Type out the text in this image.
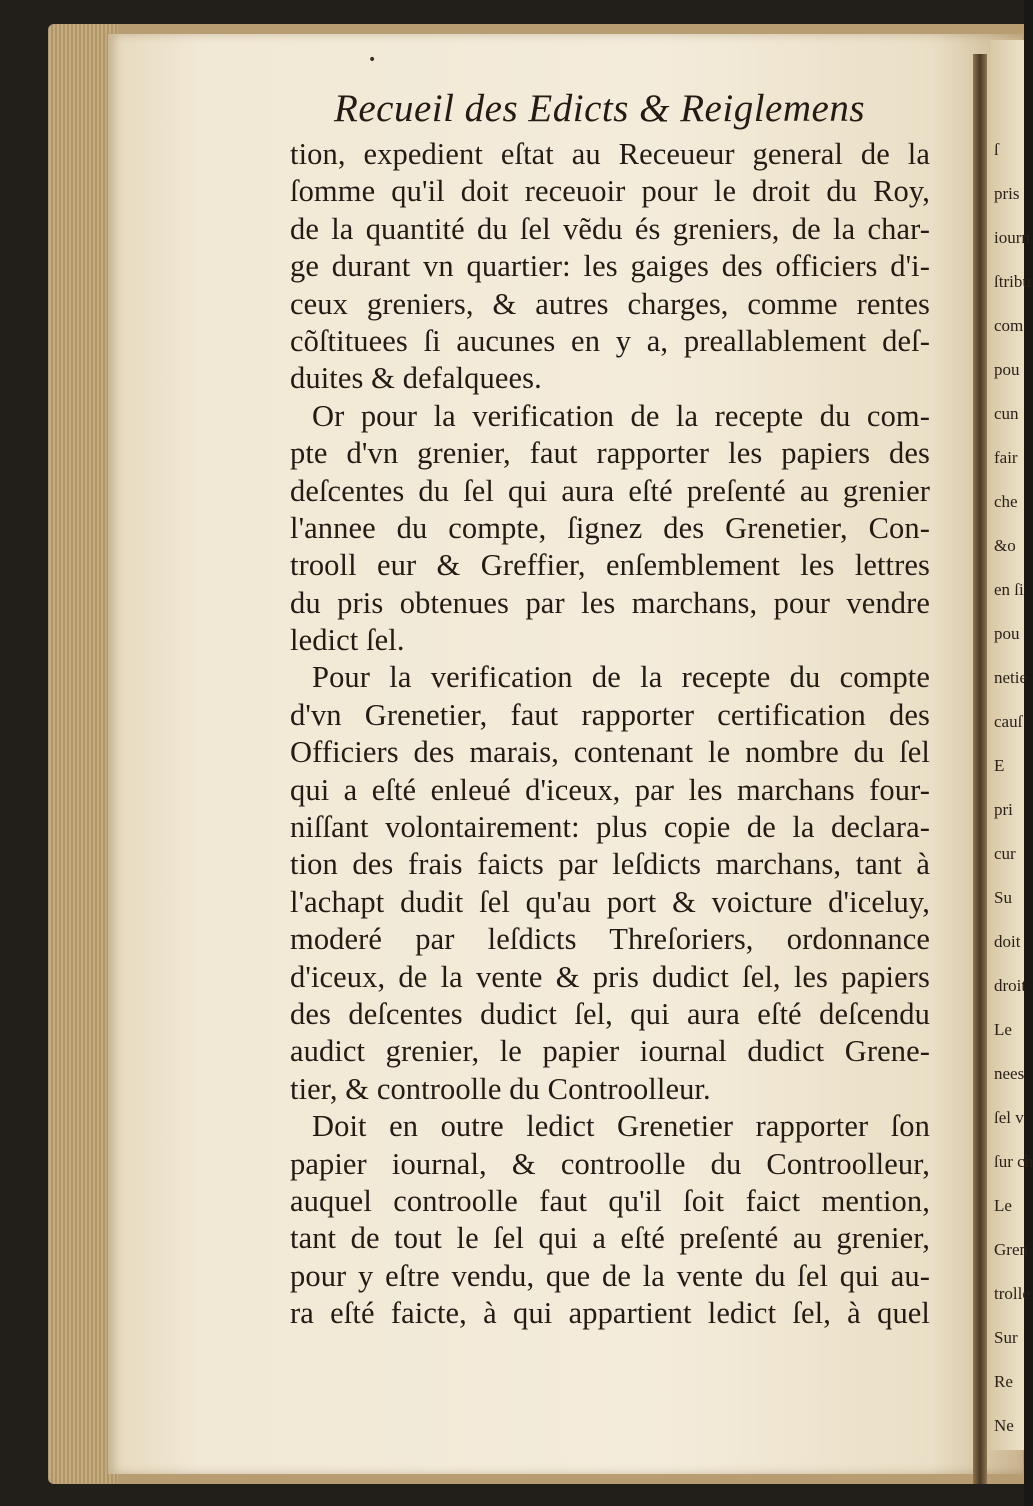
•
Recueil des Edicts & Reiglemens
tion, expedient eſtat au Receueur general de la
ſomme qu'il doit receuoir pour le droit du Roy,
de la quantité du ſel vẽdu és greniers, de la char-
ge durant vn quartier: les gaiges des officiers d'i-
ceux greniers, & autres charges, comme rentes
cõſtituees ſi aucunes en y a, preallablement deſ-
duites & defalquees.
Or pour la verification de la recepte du com-
pte d'vn grenier, faut rapporter les papiers des
deſcentes du ſel qui aura eſté preſenté au grenier
l'annee du compte, ſignez des Grenetier, Con-
trooll eur & Greffier, enſemblement les lettres
du pris obtenues par les marchans, pour vendre
ledict ſel.
Pour la verification de la recepte du compte
d'vn Grenetier, faut rapporter certification des
Officiers des marais, contenant le nombre du ſel
qui a eſté enleué d'iceux, par les marchans four-
niſſant volontairement: plus copie de la declara-
tion des frais faicts par leſdicts marchans, tant à
l'achapt dudit ſel qu'au port & voicture d'iceluy,
moderé par leſdicts Threſoriers, ordonnance
d'iceux, de la vente & pris dudict ſel, les papiers
des deſcentes dudict ſel, qui aura eſté deſcendu
audict grenier, le papier iournal dudict Grene-
tier, & controolle du Controolleur.
Doit en outre ledict Grenetier rapporter ſon
papier iournal, & controolle du Controolleur,
auquel controolle faut qu'il ſoit faict mention,
tant de tout le ſel qui a eſté preſenté au grenier,
pour y eſtre vendu, que de la vente du ſel qui au-
ra eſté faicte, à qui appartient ledict ſel, à quel
ſ
pris
iourn
ſtribu
com
pou
cun
fair
che
&o
en ſi
pou
netie
cauſ
E
pri
cur
Su
doit
droit
Le
nees
ſel v
ſur ch
Le
Gren
trolle
Sur
Re
Ne
